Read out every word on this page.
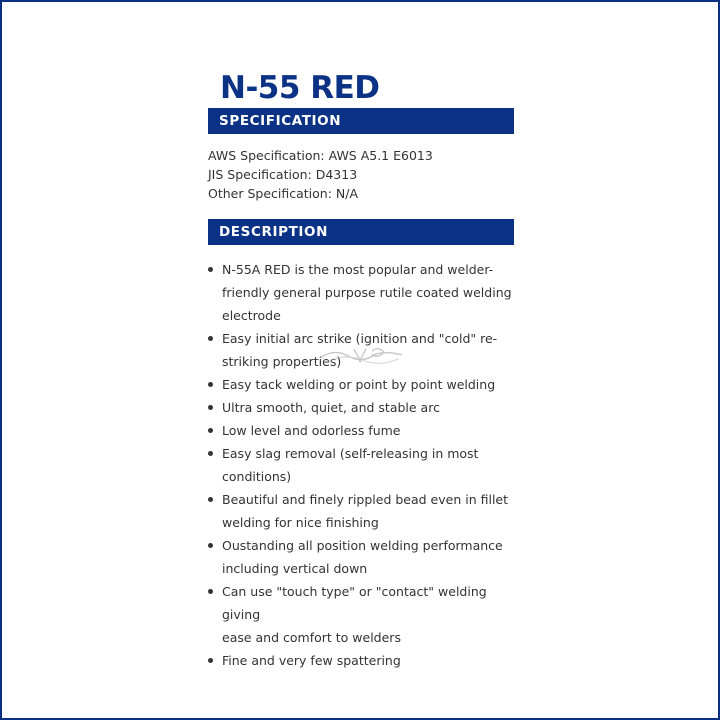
N-55 RED
SPECIFICATION
AWS Specification: AWS A5.1 E6013
JIS Specification: D4313
Other Specification: N/A
DESCRIPTION
N-55A RED is the most popular and welder-
friendly general purpose rutile coated welding
electrode
Easy initial arc strike (ignition and "cold" re-
striking properties)
Easy tack welding or point by point welding
Ultra smooth, quiet, and stable arc
Low level and odorless fume
Easy slag removal (self-releasing in most
conditions)
Beautiful and finely rippled bead even in fillet
welding for nice finishing
Oustanding all position welding performance
including vertical down
Can use "touch type" or "contact" welding giving
ease and comfort to welders
Fine and very few spattering
